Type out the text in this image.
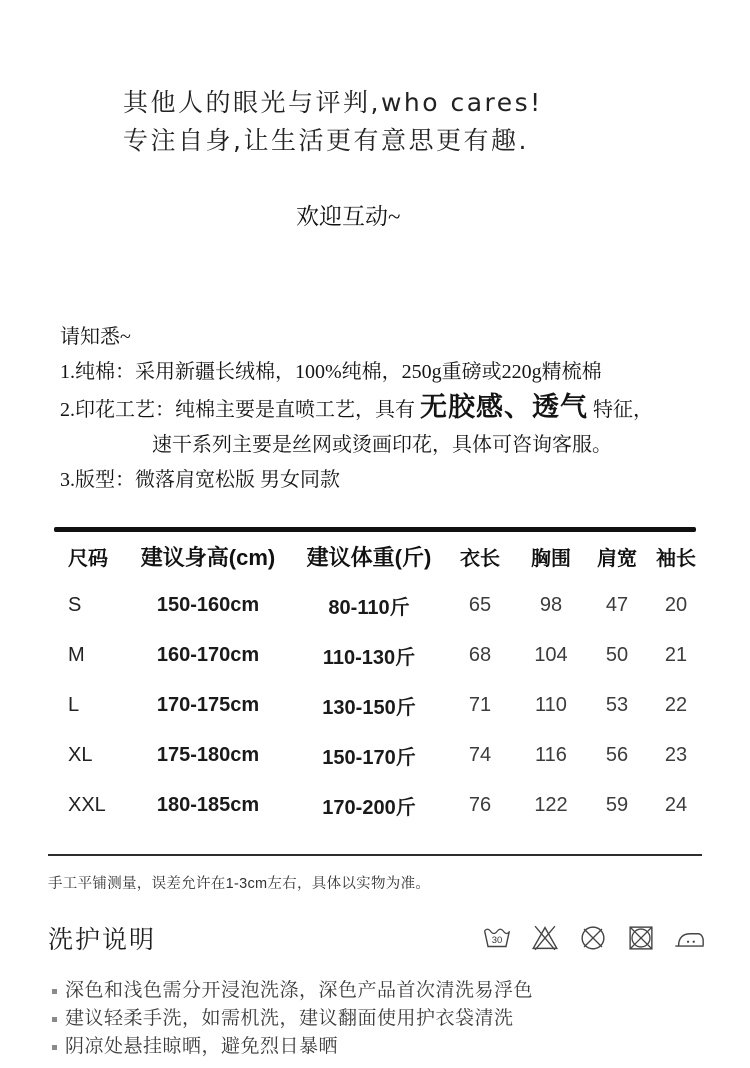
其他人的眼光与评判,who cares!
专注自身,让生活更有意思更有趣.
欢迎互动~
请知悉~
1.纯棉：采用新疆长绒棉，100%纯棉，250g重磅或220g精梳棉
2.印花工艺：纯棉主要是直喷工艺，具有 无胶感、透气 特征，
速干系列主要是丝网或烫画印花，具体可咨询客服。
3.版型：微落肩宽松版 男女同款
尺码	建议身高(cm)	建议体重(斤)	衣长	胸围	肩宽 袖长
S	150-160cm	80-110斤	65	98	47	20
M	160-170cm	110-130斤	68	104	50	21
L	170-175cm	130-150斤	71	110	53	22
XL	175-180cm	150-170斤	74	116	56	23
XXL	180-185cm	170-200斤	76	122	59	24
手工平铺测量，误差允许在1-3cm左右，具体以实物为准。
洗护说明	30
深色和浅色需分开浸泡洗涤，深色产品首次清洗易浮色
建议轻柔手洗，如需机洗，建议翻面使用护衣袋清洗
阴凉处悬挂晾晒，避免烈日暴晒
